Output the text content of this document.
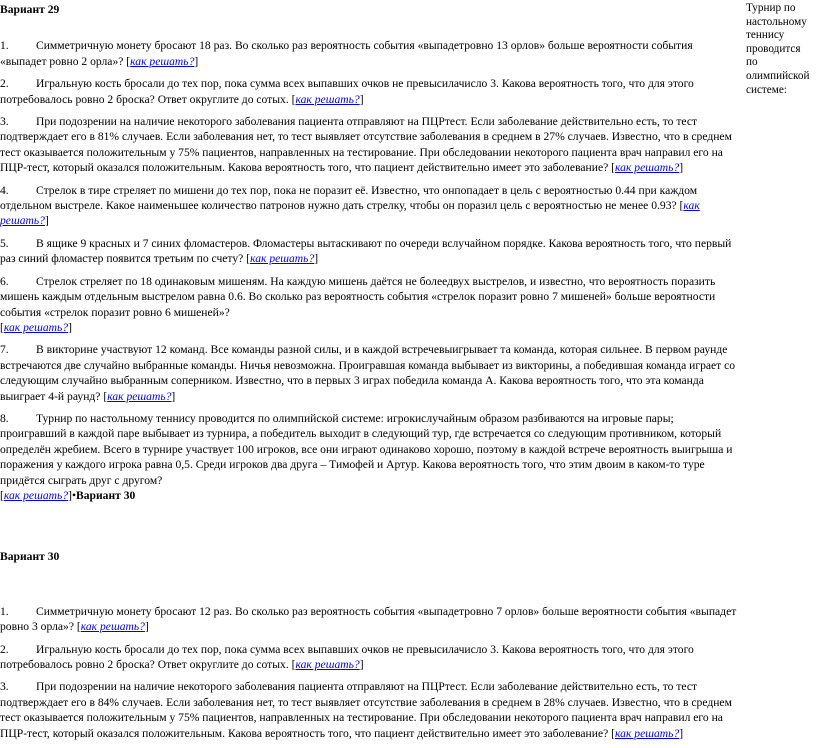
Вариант 29

1. Симметричную монету бросают 18 раз. Во сколько раз вероятность события «выпадетровно 13 орлов» больше вероятности события «выпадет ровно 2 орла»? [как решать?]

2. Игральную кость бросали до тех пор, пока сумма всех выпавших очков не превысилачисло 3. Какова вероятность того, что для этого потребовалось ровно 2 броска? Ответ округлите до сотых. [как решать?]

3. При подозрении на наличие некоторого заболевания пациента отправляют на ПЦРтест. Если заболевание действительно есть, то тест подтверждает его в 81% случаев. Если заболевания нет, то тест выявляет отсутствие заболевания в среднем в 27% случаев. Известно, что в среднем тест оказывается положительным у 75% пациентов, направленных на тестирование. При обследовании некоторого пациента врач направил его на ПЦР-тест, который оказался положительным. Какова вероятность того, что пациент действительно имеет это заболевание? [как решать?]

4. Стрелок в тире стреляет по мишени до тех пор, пока не поразит её. Известно, что онпопадает в цель с вероятностью 0.44 при каждом отдельном выстреле. Какое наименьшее количество патронов нужно дать стрелку, чтобы он поразил цель с вероятностью не менее 0.93? [как решать?]

5. В ящике 9 красных и 7 синих фломастеров. Фломастеры вытаскивают по очереди вслучайном порядке. Какова вероятность того, что первый раз синий фломастер появится третьим по счету? [как решать?]

6. Стрелок стреляет по 18 одинаковым мишеням. На каждую мишень даётся не болеедвух выстрелов, и известно, что вероятность поразить мишень каждым отдельным выстрелом равна 0.6. Во сколько раз вероятность события «стрелок поразит ровно 7 мишеней» больше вероятности события «стрелок поразит ровно 6 мишеней»?
[как решать?]

7. В викторине участвуют 12 команд. Все команды разной силы, и в каждой встречевыигрывает та команда, которая сильнее. В первом раунде встречаются две случайно выбранные команды. Ничья невозможна. Проигравшая команда выбывает из викторины, а победившая команда играет со следующим случайно выбранным соперником. Известно, что в первых 3 играх победила команда А. Какова вероятность того, что эта команда выиграет 4-й раунд? [как решать?]

8. Турнир по настольному теннису проводится по олимпийской системе: игрокислучайным образом разбиваются на игровые пары; проигравший в каждой паре выбывает из турнира, а победитель выходит в следующий тур, где встречается со следующим противником, который определён жребием. Всего в турнире участвует 100 игроков, все они играют одинаково хорошо, поэтому в каждой встрече вероятность выигрыша и поражения у каждого игрока равна 0,5. Среди игроков два друга – Тимофей и Артур. Какова вероятность того, что этим двоим в каком-то туре придётся сыграть друг с другом?
[как решать?]•Вариант 30

Вариант 30

1. Симметричную монету бросают 12 раз. Во сколько раз вероятность события «выпадетровно 7 орлов» больше вероятности события «выпадет ровно 3 орла»? [как решать?]

2. Игральную кость бросали до тех пор, пока сумма всех выпавших очков не превысилачисло 3. Какова вероятность того, что для этого потребовалось ровно 2 броска? Ответ округлите до сотых. [как решать?]

3. При подозрении на наличие некоторого заболевания пациента отправляют на ПЦРтест. Если заболевание действительно есть, то тест подтверждает его в 84% случаев. Если заболевания нет, то тест выявляет отсутствие заболевания в среднем в 28% случаев. Известно, что в среднем тест оказывается положительным у 75% пациентов, направленных на тестирование. При обследовании некоторого пациента врач направил его на ПЦР-тест, который оказался положительным. Какова вероятность того, что пациент действительно имеет это заболевание? [как решать?]

Турнир по настольному теннису проводится по олимпийской системе:
